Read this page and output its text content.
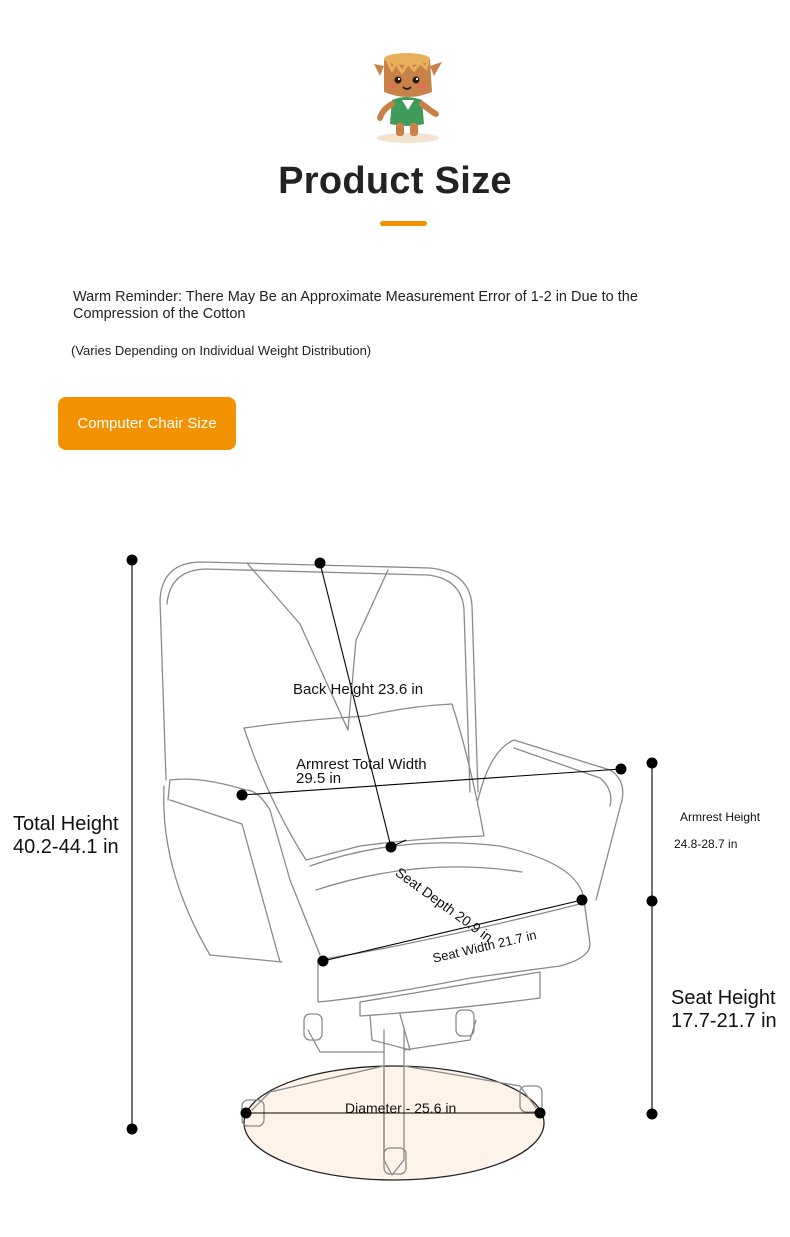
Product Size
Warm Reminder: There May Be an Approximate Measurement Error of 1-2 in Due to the Compression of the Cotton
(Varies Depending on Individual Weight Distribution)
Computer Chair Size
Total Height
40.2-44.1 in
Back Height 23.6 in
Armrest Total Width
29.5 in
Armrest Height
24.8-28.7 in
Seat Depth 20.9 in
Seat Width 21.7 in
Seat Height
17.7-21.7 in
Diameter - 25.6 in
